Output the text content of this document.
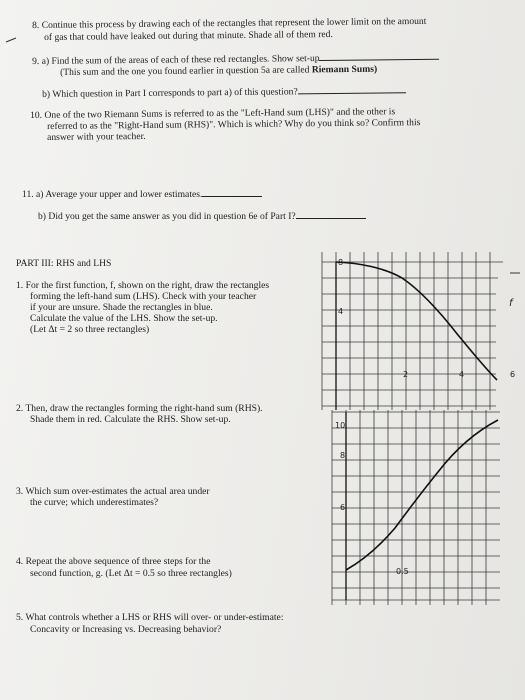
8
4
2	4	6
f
10
8
6
0.5
8. Continue this process by drawing each of the rectangles that represent the lower limit on the amount
of gas that could have leaked out during that minute. Shade all of them red.
9. a) Find the sum of the areas of each of these red rectangles. Show set-up
(This sum and the one you found earlier in question 5a are called Riemann Sums)
b) Which question in Part I corresponds to part a) of this question?
10. One of the two Riemann Sums is referred to as the "Left-Hand sum (LHS)" and the other is
referred to as the "Right-Hand sum (RHS)". Which is which? Why do you think so? Confirm this
answer with your teacher.
11. a) Average your upper and lower estimates.
b) Did you get the same answer as you did in question 6e of Part I?
PART III: RHS and LHS
1. For the first function, f, shown on the right, draw the rectangles
forming the left-hand sum (LHS). Check with your teacher
if your are unsure. Shade the rectangles in blue.
Calculate the value of the LHS. Show the set-up.
(Let Δt = 2 so three rectangles)
2. Then, draw the rectangles forming the right-hand sum (RHS).
Shade them in red. Calculate the RHS. Show set-up.
3. Which sum over-estimates the actual area under
the curve; which underestimates?
4. Repeat the above sequence of three steps for the
second function, g. (Let Δt = 0.5 so three rectangles)
5. What controls whether a LHS or RHS will over- or under-estimate:
Concavity or Increasing vs. Decreasing behavior?
